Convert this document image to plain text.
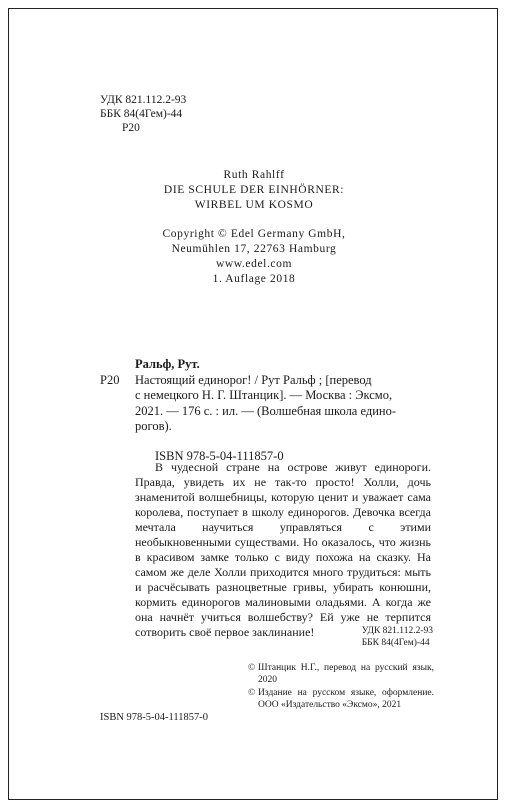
УДК 821.112.2-93
ББК 84(4Гем)-44
Р20
Ruth Rahlff
DIE SCHULE DER EINHÖRNER:
WIRBEL UM KOSMO
Copyright © Edel Germany GmbH,
Neumühlen 17, 22763 Hamburg
www.edel.com
1. Auflage 2018
Ральф, Рут.
Р20 Настоящий единорог! / Рут Ральф ; [перевод
с немецкого Н. Г. Штанцик]. — Москва : Эксмо,
2021. — 176 с. : ил. — (Волшебная школа едино-
рогов).
ISBN 978-5-04-111857-0
В чудесной стране на острове живут единороги. Правда, увидеть их не так-то просто! Холли, дочь знаменитой волшебницы, которую ценит и уважает сама королева, поступает в школу единорогов. Девочка всегда мечтала научиться управляться с этими необыкновенными существами. Но оказалось, что жизнь в красивом замке только с виду похожа на сказку. На самом же деле Холли приходится много трудиться: мыть и расчёсывать разноцветные гривы, убирать конюшни, кормить единорогов малиновыми оладьями. А когда же она начнёт учиться волшебству? Ей уже не терпится сотворить своё первое заклинание!	УДК 821.112.2-93
ББК 84(4Гем)-44
© Штанцик Н.Г., перевод на русский язык, 2020
© Издание на русском языке, оформление. ООО «Издательство «Эксмо», 2021
ISBN 978-5-04-111857-0
